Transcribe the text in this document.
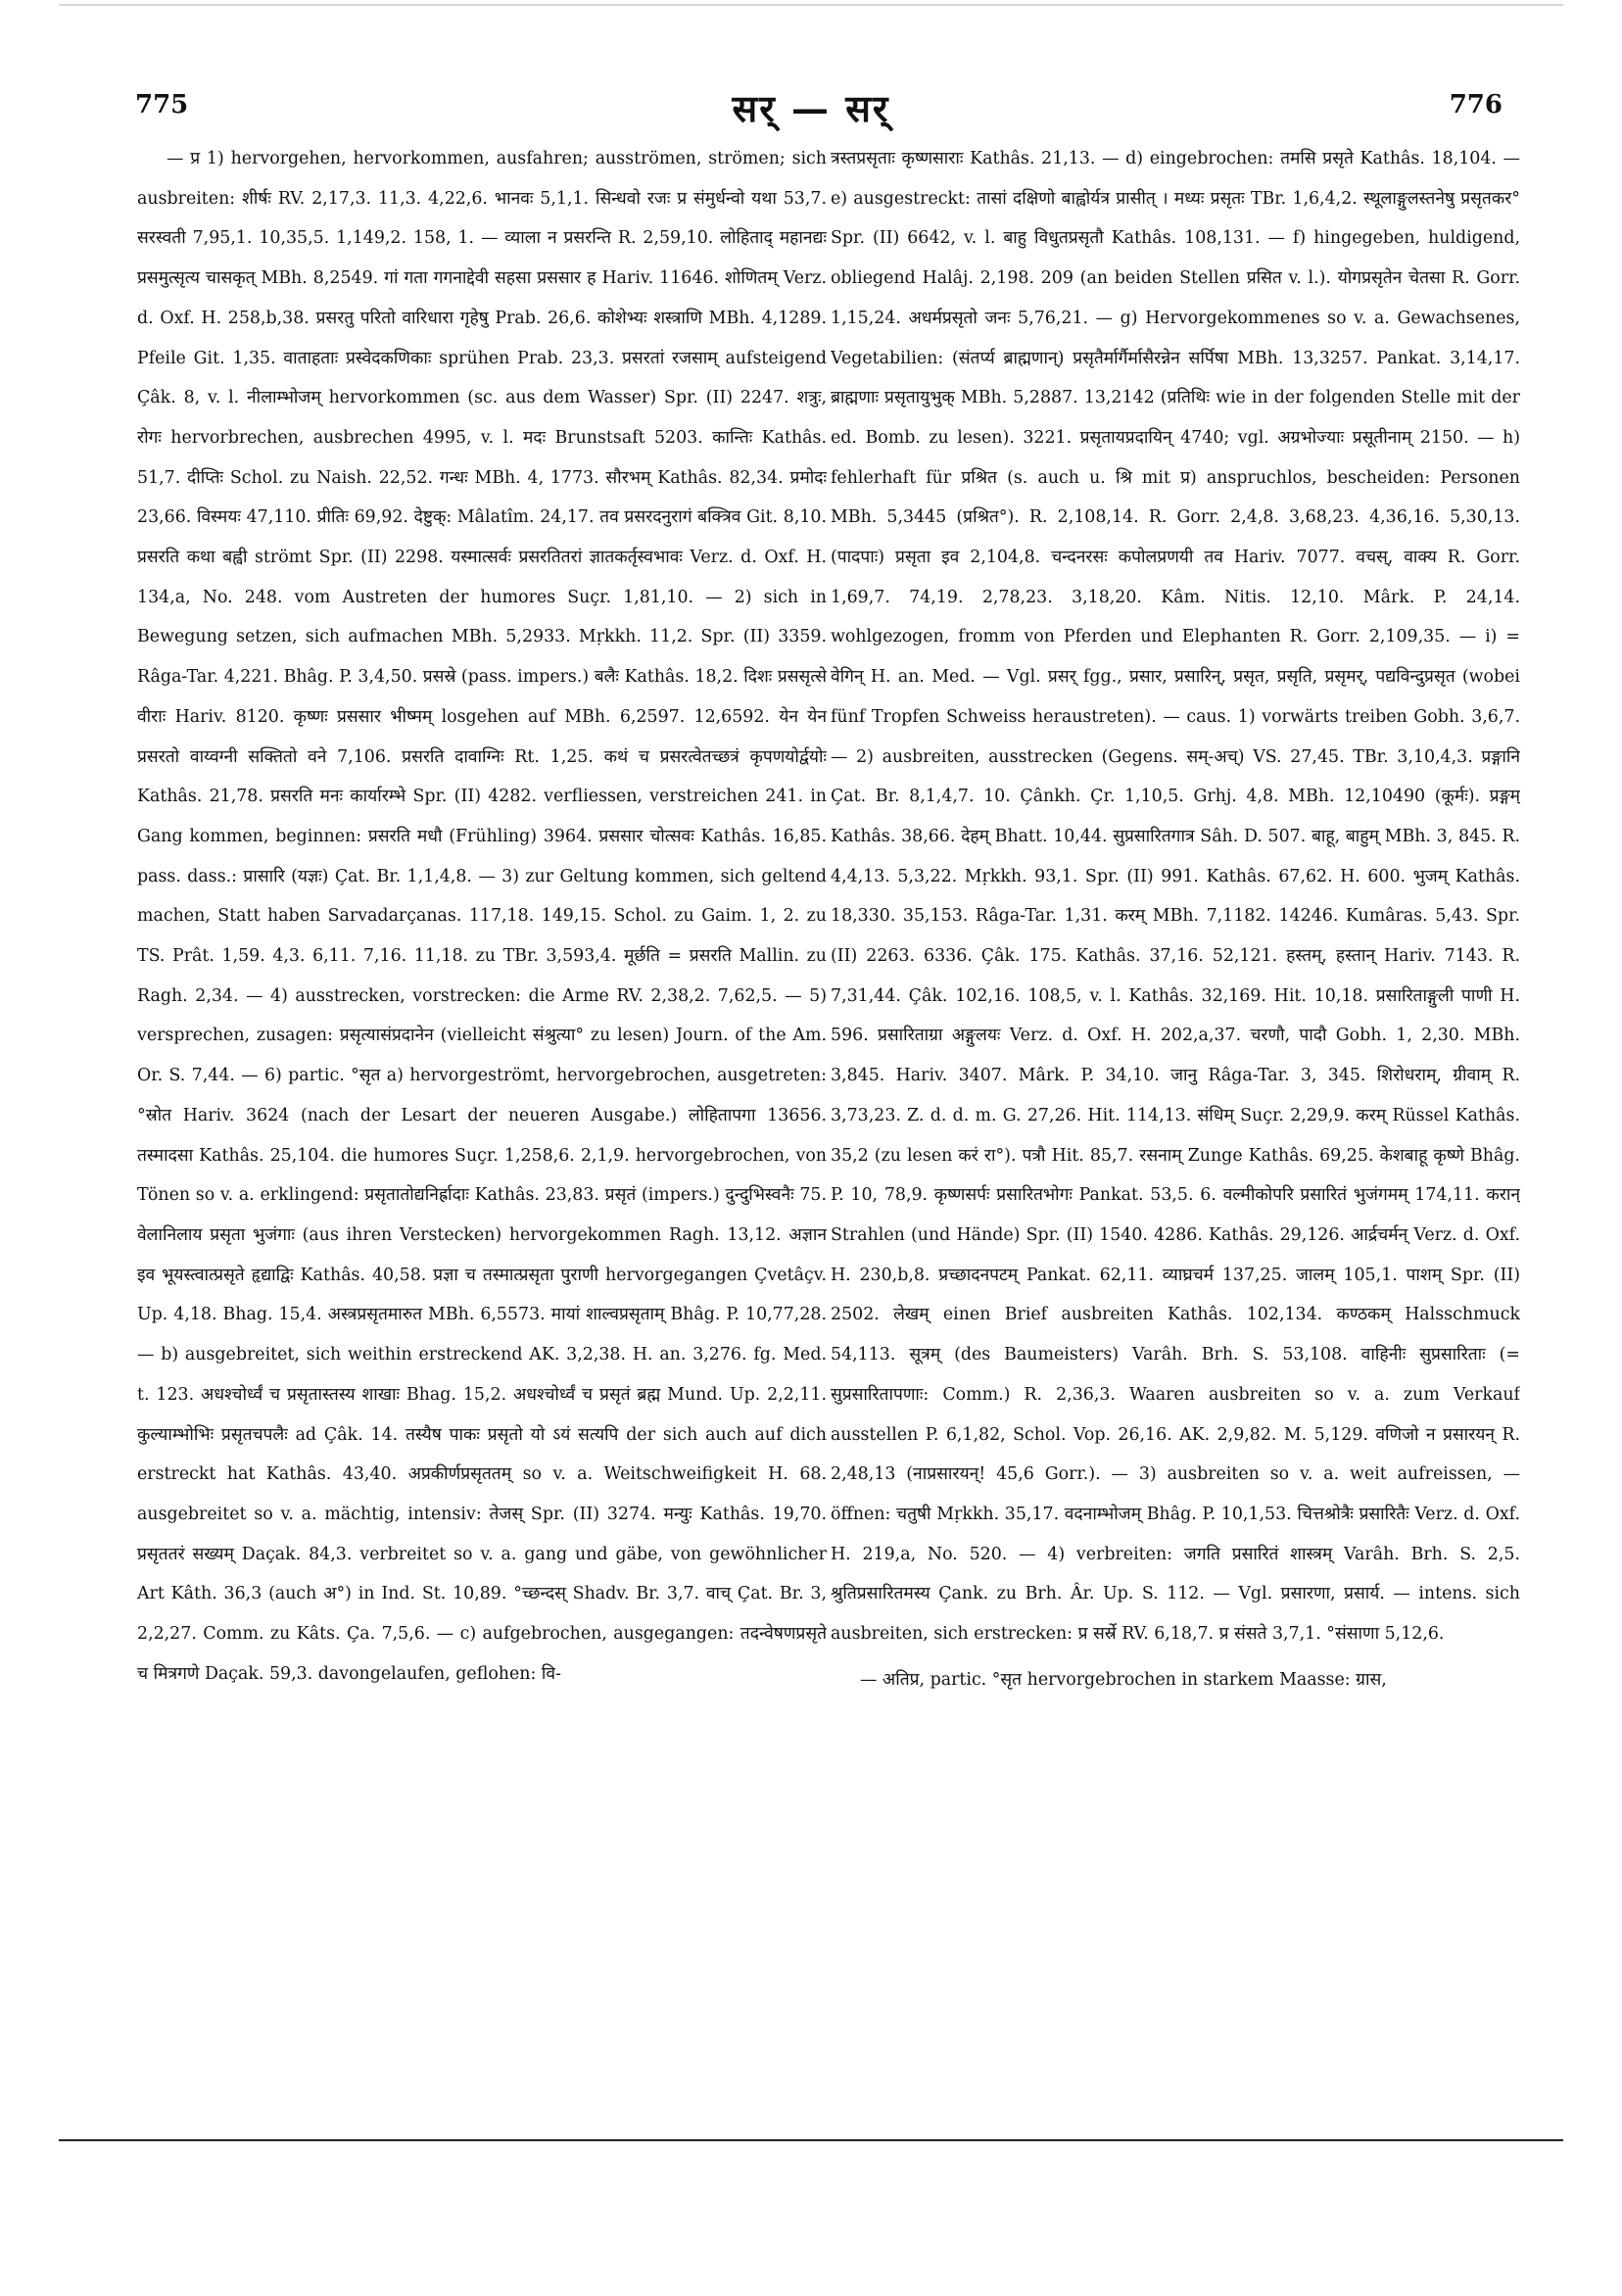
775	सर् — सर्	776

— प्र 1) hervorgehen, hervorkommen, ausfahren; ausströmen, strömen; sich ausbreiten: शीर्षः RV. 2,17,3. 11,3. 4,22,6. भानवः 5,1,1. सिन्धवो रजः प्र संमुर्धन्वो यथा 53,7. सरस्वती 7,95,1. 10,35,5. 1,149,2. 158, 1. — व्याला न प्रसरन्ति R. 2,59,10. लोहिताद् महानद्यः प्रसमुत्सृत्य चासकृत् MBh. 8,2549. गां गता गगनाद्देवी सहसा प्रससार ह Hariv. 11646. शोणितम् Verz. d. Oxf. H. 258,b,38. प्रसरतु परितो वारिधारा गृहेषु Prab. 26,6. कोशेभ्यः शस्त्राणि MBh. 4,1289. Pfeile Git. 1,35. वाताहताः प्रस्वेदकणिकाः sprühen Prab. 23,3. प्रसरतां रजसाम् aufsteigend Çâk. 8, v. l. नीलाम्भोजम् hervorkommen (sc. aus dem Wasser) Spr. (II) 2247. शत्रुः, रोगः hervorbrechen, ausbrechen 4995, v. l. मदः Brunstsaft 5203. कान्तिः Kathâs. 51,7. दीप्तिः Schol. zu Naish. 22,52. गन्धः MBh. 4, 1773. सौरभम् Kathâs. 82,34. प्रमोदः 23,66. विस्मयः 47,110. प्रीतिः 69,92. देष्टुक्: Mâlatîm. 24,17. तव प्रसरदनुरागं बक्त्रिव Git. 8,10. प्रसरति कथा बह्वी strömt Spr. (II) 2298. यस्मात्सर्वः प्रसरतितरां ज्ञातकर्तृस्वभावः Verz. d. Oxf. H. 134,a, No. 248. vom Austreten der humores Suçr. 1,81,10. — 2) sich in Bewegung setzen, sich aufmachen MBh. 5,2933. Mṛkkh. 11,2. Spr. (II) 3359. Râga-Tar. 4,221. Bhâg. P. 3,4,50. प्रसस्रे (pass. impers.) बलैः Kathâs. 18,2. दिशः प्रससृत्से वीराः Hariv. 8120. कृष्णः प्रससार भीष्मम् losgehen auf MBh. 6,2597. 12,6592. येन येन प्रसरतो वाय्वग्नी सक्तितो वने 7,106. प्रसरति दावाग्निः Rt. 1,25. कथं च प्रसरत्वेतच्छत्रं कृपणयोर्द्वयोः Kathâs. 21,78. प्रसरति मनः कार्यारम्भे Spr. (II) 4282. verfliessen, verstreichen 241. in Gang kommen, beginnen: प्रसरति मधौ (Frühling) 3964. प्रससार चोत्सवः Kathâs. 16,85. pass. dass.: प्रासारि (यज्ञः) Çat. Br. 1,1,4,8. — 3) zur Geltung kommen, sich geltend machen, Statt haben Sarvadarçanas. 117,18. 149,15. Schol. zu Gaim. 1, 2. zu TS. Prât. 1,59. 4,3. 6,11. 7,16. 11,18. zu TBr. 3,593,4. मूर्छति = प्रसरति Mallin. zu Ragh. 2,34. — 4) ausstrecken, vorstrecken: die Arme RV. 2,38,2. 7,62,5. — 5) versprechen, zusagen: प्रसृत्यासंप्रदानेन (vielleicht संश्रुत्या° zu lesen) Journ. of the Am. Or. S. 7,44. — 6) partic. °सृत a) hervorgeströmt, hervorgebrochen, ausgetreten: °स्रोत Hariv. 3624 (nach der Lesart der neueren Ausgabe.) लोहितापगा 13656. तस्मादसा Kathâs. 25,104. die humores Suçr. 1,258,6. 2,1,9. hervorgebrochen, von Tönen so v. a. erklingend: प्रसृतातोद्यनिर्ह्रादाः Kathâs. 23,83. प्रसृतं (impers.) दुन्दुभिस्वनैः 75. वेलानिलाय प्रसृता भुजंगाः (aus ihren Verstecken) hervorgekommen Ragh. 13,12. अज्ञान इव भूयस्त्वात्प्रसृते हृद्याद्विः Kathâs. 40,58. प्रज्ञा च तस्मात्प्रसृता पुराणी hervorgegangen Çvetâçv. Up. 4,18. Bhag. 15,4. अस्त्रप्रसृतमारुत MBh. 6,5573. मायां शाल्वप्रसृताम् Bhâg. P. 10,77,28. — b) ausgebreitet, sich weithin erstreckend AK. 3,2,38. H. an. 3,276. fg. Med. t. 123. अधश्चोर्ध्वं च प्रसृतास्तस्य शाखाः Bhag. 15,2. अधश्चोर्ध्वं च प्रसृतं ब्रह्म Mund. Up. 2,2,11. कुल्याम्भोभिः प्रसृतचपलैः ad Çâk. 14. तस्यैष पाकः प्रसृतो यो ऽयं सत्यपि der sich auch auf dich erstreckt hat Kathâs. 43,40. अप्रकीर्णप्रसृततम् so v. a. Weitschweifigkeit H. 68. ausgebreitet so v. a. mächtig, intensiv: तेजस् Spr. (II) 3274. मन्युः Kathâs. 19,70. प्रसृततरं सख्यम् Daçak. 84,3. verbreitet so v. a. gang und gäbe, von gewöhnlicher Art Kâth. 36,3 (auch अ°) in Ind. St. 10,89. °च्छन्दस् Shadv. Br. 3,7. वाच् Çat. Br. 3, 2,2,27. Comm. zu Kâts. Ça. 7,5,6. — c) aufgebrochen, ausgegangen: तदन्वेषणप्रसृते च मित्रगणे Daçak. 59,3. davongelaufen, geflohen: वि-

त्रस्तप्रसृताः कृष्णसाराः Kathâs. 21,13. — d) eingebrochen: तमसि प्रसृते Kathâs. 18,104. — e) ausgestreckt: तासां दक्षिणो बाह्वोर्यत्र प्रासीत् । मध्यः प्रसृतः TBr. 1,6,4,2. स्थूलाङ्गुलस्तनेषु प्रसृतकर° Spr. (II) 6642, v. l. बाहु विधुतप्रसृतौ Kathâs. 108,131. — f) hingegeben, huldigend, obliegend Halâj. 2,198. 209 (an beiden Stellen प्रसित v. l.). योगप्रसृतेन चेतसा R. Gorr. 1,15,24. अधर्मप्रसृतो जनः 5,76,21. — g) Hervorgekommenes so v. a. Gewachsenes, Vegetabilien: (संतर्प्य ब्राह्मणान्) प्रसृतैर्मार्गैर्मासैरन्नेन सर्पिषा MBh. 13,3257. Pankat. 3,14,17. ब्राह्मणाः प्रसृतायुभुक् MBh. 5,2887. 13,2142 (प्रतिथिः wie in der folgenden Stelle mit der ed. Bomb. zu lesen). 3221. प्रसृतायप्रदायिन् 4740; vgl. अग्रभोज्याः प्रसूतीनाम् 2150. — h) fehlerhaft für प्रश्रित (s. auch u. श्रि mit प्र) anspruchlos, bescheiden: Personen MBh. 5,3445 (प्रश्रित°). R. 2,108,14. R. Gorr. 2,4,8. 3,68,23. 4,36,16. 5,30,13. (पादपाः) प्रसृता इव 2,104,8. चन्दनरसः कपोलप्रणयी तव Hariv. 7077. वचस्, वाक्य R. Gorr. 1,69,7. 74,19. 2,78,23. 3,18,20. Kâm. Nitis. 12,10. Mârk. P. 24,14. wohlgezogen, fromm von Pferden und Elephanten R. Gorr. 2,109,35. — i) = वेगिन् H. an. Med. — Vgl. प्रसर् fgg., प्रसार, प्रसारिन्, प्रसृत, प्रसृति, प्रसृमर्, पद्यविन्दुप्रसृत (wobei fünf Tropfen Schweiss heraustreten). — caus. 1) vorwärts treiben Gobh. 3,6,7. — 2) ausbreiten, ausstrecken (Gegens. सम्-अच्) VS. 27,45. TBr. 3,10,4,3. प्रङ्गानि Çat. Br. 8,1,4,7. 10. Çânkh. Çr. 1,10,5. Grhj. 4,8. MBh. 12,10490 (कूर्मः). प्रङ्गम् Kathâs. 38,66. देहम् Bhatt. 10,44. सुप्रसारितगात्र Sâh. D. 507. बाहू, बाहुम् MBh. 3, 845. R. 4,4,13. 5,3,22. Mṛkkh. 93,1. Spr. (II) 991. Kathâs. 67,62. H. 600. भुजम् Kathâs. 18,330. 35,153. Râga-Tar. 1,31. करम् MBh. 7,1182. 14246. Kumâras. 5,43. Spr. (II) 2263. 6336. Çâk. 175. Kathâs. 37,16. 52,121. हस्तम्, हस्तान् Hariv. 7143. R. 7,31,44. Çâk. 102,16. 108,5, v. l. Kathâs. 32,169. Hit. 10,18. प्रसारिताङ्गुली पाणी H. 596. प्रसारिताग्रा अङ्गुलयः Verz. d. Oxf. H. 202,a,37. चरणौ, पादौ Gobh. 1, 2,30. MBh. 3,845. Hariv. 3407. Mârk. P. 34,10. जानु Râga-Tar. 3, 345. शिरोधराम्, ग्रीवाम् R. 3,73,23. Z. d. d. m. G. 27,26. Hit. 114,13. संधिम् Suçr. 2,29,9. करम् Rüssel Kathâs. 35,2 (zu lesen करं रा°). पत्रौ Hit. 85,7. रसनाम् Zunge Kathâs. 69,25. केशबाहू कृष्णे Bhâg. P. 10, 78,9. कृष्णसर्पः प्रसारितभोगः Pankat. 53,5. 6. वल्मीकोपरि प्रसारितं भुजंगमम् 174,11. करान् Strahlen (und Hände) Spr. (II) 1540. 4286. Kathâs. 29,126. आर्द्रचर्मन् Verz. d. Oxf. H. 230,b,8. प्रच्छादनपटम् Pankat. 62,11. व्याघ्रचर्म 137,25. जालम् 105,1. पाशम् Spr. (II) 2502. लेखम् einen Brief ausbreiten Kathâs. 102,134. कण्ठकम् Halsschmuck 54,113. सूत्रम् (des Baumeisters) Varâh. Brh. S. 53,108. वाहिनीः सुप्रसारिताः (= सुप्रसारितापणाः: Comm.) R. 2,36,3. Waaren ausbreiten so v. a. zum Verkauf ausstellen P. 6,1,82, Schol. Vop. 26,16. AK. 2,9,82. M. 5,129. वणिजो न प्रसारयन् R. 2,48,13 (नाप्रसारयन्! 45,6 Gorr.). — 3) ausbreiten so v. a. weit aufreissen, — öffnen: चतुषी Mṛkkh. 35,17. वदनाम्भोजम् Bhâg. P. 10,1,53. चित्तश्रोत्रैः प्रसारितैः Verz. d. Oxf. H. 219,a, No. 520. — 4) verbreiten: जगति प्रसारितं शास्त्रम् Varâh. Brh. S. 2,5. श्रुतिप्रसारितमस्य Çank. zu Brh. Âr. Up. S. 112. — Vgl. प्रसारणा, प्रसार्य. — intens. sich ausbreiten, sich erstrecken: प्र सर्स्रे RV. 6,18,7. प्र संसते 3,7,1. °संसाणा 5,12,6.

— अतिप्र, partic. °सृत hervorgebrochen in starkem Maasse: ग्रास,
